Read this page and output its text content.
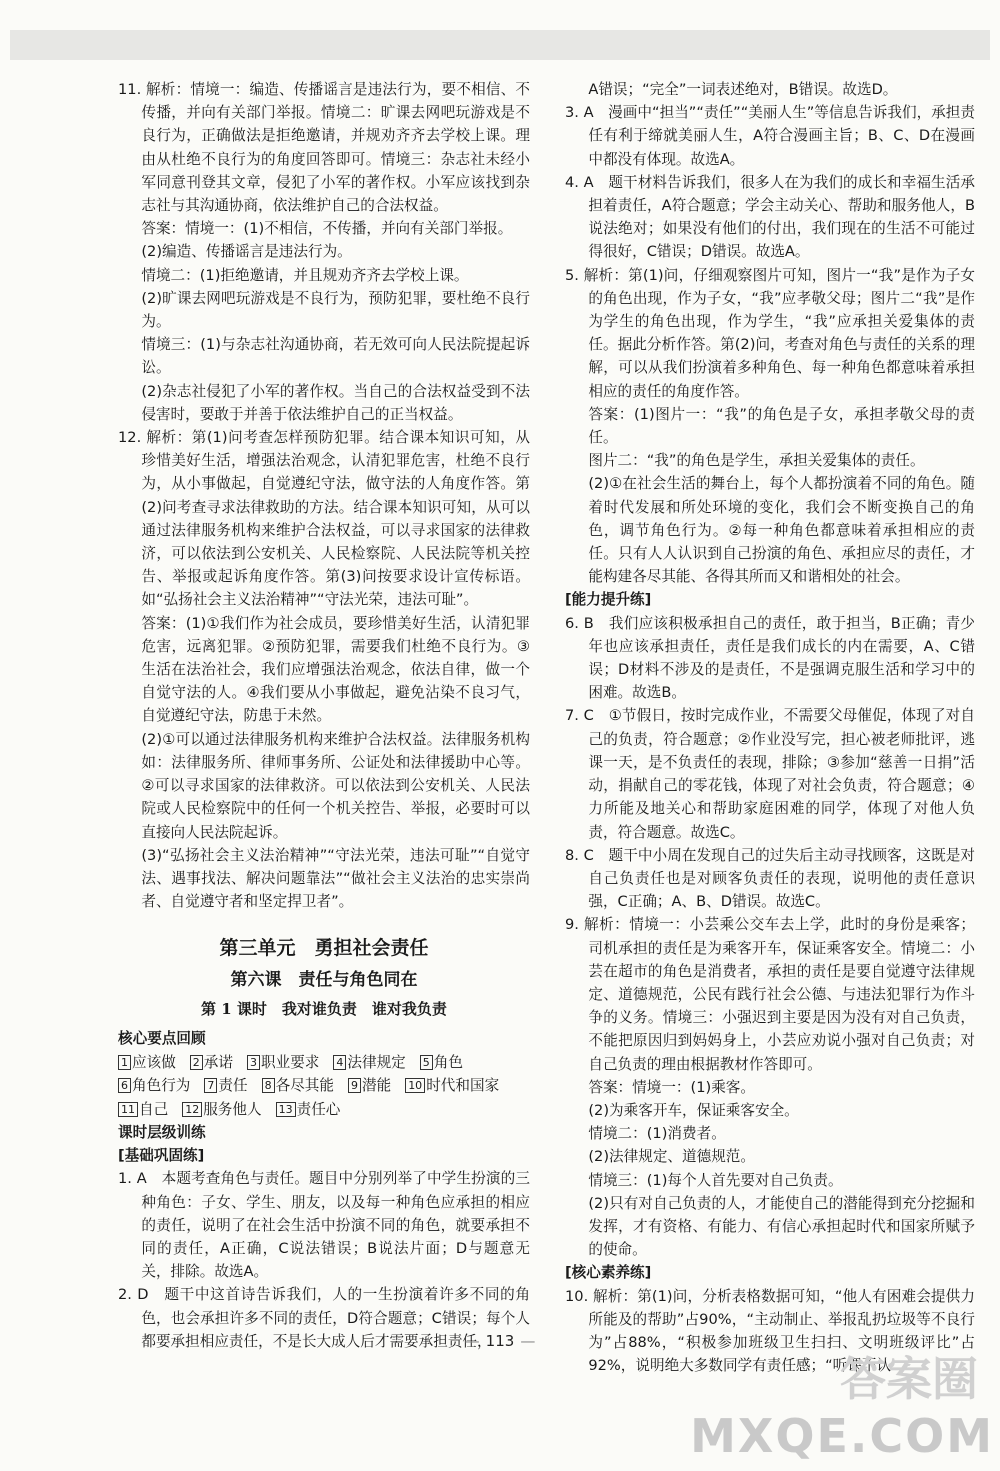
11. 解析：情境一：编造、传播谣言是违法行为，要不相信、不传播，并向有关部门举报。情境二：旷课去网吧玩游戏是不良行为，正确做法是拒绝邀请，并规劝齐齐去学校上课。理由从杜绝不良行为的角度回答即可。情境三：杂志社未经小军同意刊登其文章，侵犯了小军的著作权。小军应该找到杂志社与其沟通协商，依法维护自己的合法权益。

答案：情境一：(1)不相信，不传播，并向有关部门举报。

(2)编造、传播谣言是违法行为。

情境二：(1)拒绝邀请，并且规劝齐齐去学校上课。

(2)旷课去网吧玩游戏是不良行为，预防犯罪，要杜绝不良行为。

情境三：(1)与杂志社沟通协商，若无效可向人民法院提起诉讼。

(2)杂志社侵犯了小军的著作权。当自己的合法权益受到不法侵害时，要敢于并善于依法维护自己的正当权益。

12. 解析：第(1)问考查怎样预防犯罪。结合课本知识可知，从珍惜美好生活，增强法治观念，认清犯罪危害，杜绝不良行为，从小事做起，自觉遵纪守法，做守法的人角度作答。第(2)问考查寻求法律救助的方法。结合课本知识可知，从可以通过法律服务机构来维护合法权益，可以寻求国家的法律救济，可以依法到公安机关、人民检察院、人民法院等机关控告、举报或起诉角度作答。第(3)问按要求设计宣传标语。如“弘扬社会主义法治精神”“守法光荣，违法可耻”。

答案：(1)①我们作为社会成员，要珍惜美好生活，认清犯罪危害，远离犯罪。②预防犯罪，需要我们杜绝不良行为。③生活在法治社会，我们应增强法治观念，依法自律，做一个自觉守法的人。④我们要从小事做起，避免沾染不良习气，自觉遵纪守法，防患于未然。

(2)①可以通过法律服务机构来维护合法权益。法律服务机构如：法律服务所、律师事务所、公证处和法律援助中心等。②可以寻求国家的法律救济。可以依法到公安机关、人民法院或人民检察院中的任何一个机关控告、举报，必要时可以直接向人民法院起诉。

(3)“弘扬社会主义法治精神”“守法光荣，违法可耻”“自觉守法、遇事找法、解决问题靠法”“做社会主义法治的忠实崇尚者、自觉遵守者和坚定捍卫者”。

第三单元　勇担社会责任
第六课　责任与角色同在
第 1 课时　我对谁负责　谁对我负责
核心要点回顾
1 应该做 2 承诺 3 职业要求 4 法律规定 5 角色
6 角色行为 7 责任 8 各尽其能 9 潜能 10 时代和国家
11 自己 12 服务他人 13 责任心
课时层级训练
[基础巩固练]

1. A　本题考查角色与责任。题目中分别列举了中学生扮演的三种角色：子女、学生、朋友，以及每一种角色应承担的相应的责任，说明了在社会生活中扮演不同的角色，就要承担不同的责任，A正确，C说法错误；B说法片面；D与题意无关，排除。故选A。

2. D　题干中这首诗告诉我们，人的一生扮演着许多不同的角色，也会承担许多不同的责任，D符合题意；C错误；每个人都要承担相应责任，不是长大成人后才需要承担责任，

A错误；“完全”一词表述绝对，B错误。故选D。

3. A　漫画中“担当”“责任”“美丽人生”等信息告诉我们，承担责任有利于缔就美丽人生，A符合漫画主旨；B、C、D在漫画中都没有体现。故选A。

4. A　题干材料告诉我们，很多人在为我们的成长和幸福生活承担着责任，A符合题意；学会主动关心、帮助和服务他人，B说法绝对；如果没有他们的付出，我们现在的生活不可能过得很好，C错误；D错误。故选A。

5. 解析：第(1)问，仔细观察图片可知，图片一“我”是作为子女的角色出现，作为子女，“我”应孝敬父母；图片二“我”是作为学生的角色出现，作为学生，“我”应承担关爱集体的责任。据此分析作答。第(2)问，考查对角色与责任的关系的理解，可以从我们扮演着多种角色、每一种角色都意味着承担相应的责任的角度作答。

答案：(1)图片一：“我”的角色是子女，承担孝敬父母的责任。

图片二：“我”的角色是学生，承担关爱集体的责任。

(2)①在社会生活的舞台上，每个人都扮演着不同的角色。随着时代发展和所处环境的变化，我们会不断变换自己的角色，调节角色行为。②每一种角色都意味着承担相应的责任。只有人人认识到自己扮演的角色、承担应尽的责任，才能构建各尽其能、各得其所而又和谐相处的社会。

[能力提升练]

6. B　我们应该积极承担自己的责任，敢于担当，B正确；青少年也应该承担责任，责任是我们成长的内在需要，A、C错误；D材料不涉及的是责任，不是强调克服生活和学习中的困难。故选B。

7. C　①节假日，按时完成作业，不需要父母催促，体现了对自己的负责，符合题意；②作业没写完，担心被老师批评，逃课一天，是不负责任的表现，排除；③参加“慈善一日捐”活动，捐献自己的零花钱，体现了对社会负责，符合题意；④力所能及地关心和帮助家庭困难的同学，体现了对他人负责，符合题意。故选C。

8. C　题干中小周在发现自己的过失后主动寻找顾客，这既是对自己负责任也是对顾客负责任的表现，说明他的责任意识强，C正确；A、B、D错误。故选C。

9. 解析：情境一：小芸乘公交车去上学，此时的身份是乘客；司机承担的责任是为乘客开车，保证乘客安全。情境二：小芸在超市的角色是消费者，承担的责任是要自觉遵守法律规定、道德规范，公民有践行社会公德、与违法犯罪行为作斗争的义务。情境三：小强迟到主要是因为没有对自己负责，不能把原因归到妈妈身上，小芸应劝说小强对自己负责；对自己负责的理由根据教材作答即可。

答案：情境一：(1)乘客。

(2)为乘客开车，保证乘客安全。

情境二：(1)消费者。

(2)法律规定、道德规范。

情境三：(1)每个人首先要对自己负责。

(2)只有对自己负责的人，才能使自己的潜能得到充分挖掘和发挥，才有资格、有能力、有信心承担起时代和国家所赋予的使命。

[核心素养练]

10. 解析：第(1)问，分析表格数据可知，“他人有困难会提供力所能及的帮助”占90%，“主动制止、举报乱扔垃圾等不良行为”占88%，“积极参加班级卫生扫扫、文明班级评比”占92%，说明绝大多数同学有责任感；“听课不认

— 113 —
答案圈
MXQE.COM
